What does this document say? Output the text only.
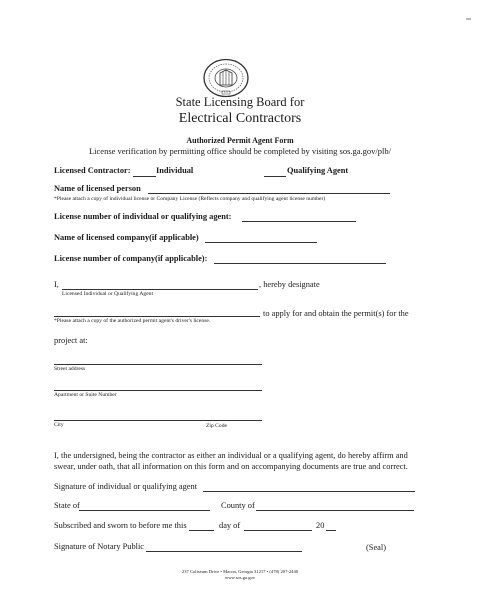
State Licensing Board for
Electrical Contractors
Authorized Permit Agent Form
License verification by permitting office should be completed by visiting sos.ga.gov/plb/
Licensed Contractor:	Individual	Qualifying Agent
Name of licensed person
*Please attach a copy of individual license or Company License (Reflects company and qualifying agent license number)
License number of individual or qualifying agent:
Name of licensed company(if applicable)
License number of company(if applicable):
I,	, hereby designate
Licensed Individual or Qualifying Agent
to apply for and obtain the permit(s) for the
*Please attach a copy of the authorized permit agent's driver's license.
project at:
Street address
Apartment or Suite Number
City	Zip Code
I, the undersigned, being the contractor as either an individual or a qualifying agent, do hereby affirm and
swear, under oath, that all information on this form and on accompanying documents are true and correct.
Signature of individual or qualifying agent
State of	County of
Subscribed and sworn to before me this	day of	20
Signature of Notary Public	(Seal)
237 Coliseum Drive • Macon, Georgia 31217 • (478) 207-2440
www.sos.ga.gov
